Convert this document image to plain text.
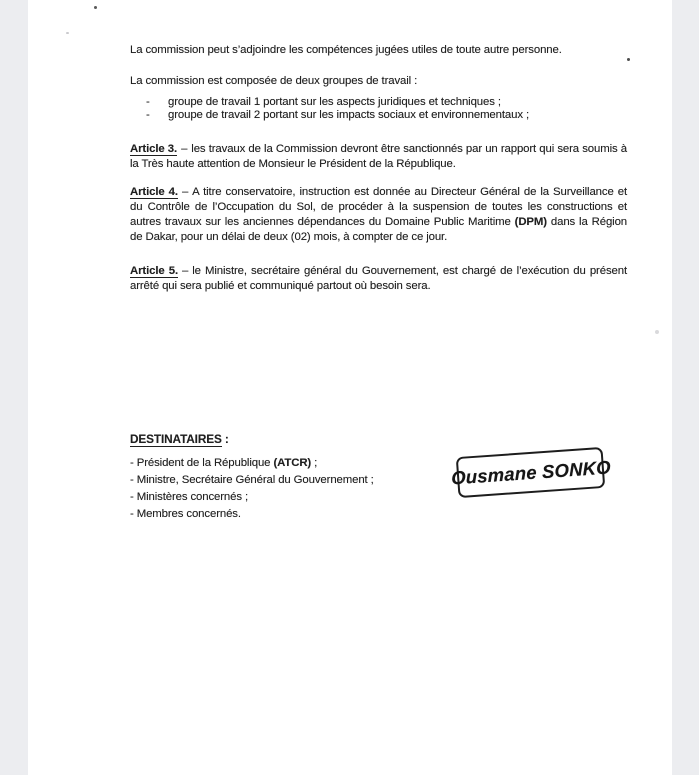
La commission peut s’adjoindre les compétences jugées utiles de toute autre personne.
La commission est composée de deux groupes de travail :
-	groupe de travail 1 portant sur les aspects juridiques et techniques ;
-	groupe de travail 2 portant sur les impacts sociaux et environnementaux ;

Article 3. – les travaux de la Commission devront être sanctionnés par un rapport qui sera soumis à la Très haute attention de Monsieur le Président de la République.

Article 4. – A titre conservatoire, instruction est donnée au Directeur Général de la Surveillance et du Contrôle de l’Occupation du Sol, de procéder à la suspension de toutes les constructions et autres travaux sur les anciennes dépendances du Domaine Public Maritime (DPM) dans la Région de Dakar, pour un délai de deux (02) mois, à compter de ce jour.

Article 5. – le Ministre, secrétaire général du Gouvernement, est chargé de l’exécution du présent arrêté qui sera publié et communiqué partout où besoin sera.

DESTINATAIRES :
- Président de la République (ATCR) ;
- Ministre, Secrétaire Général du Gouvernement ;
- Ministères concernés ;
- Membres concernés.
Ousmane SONKO
